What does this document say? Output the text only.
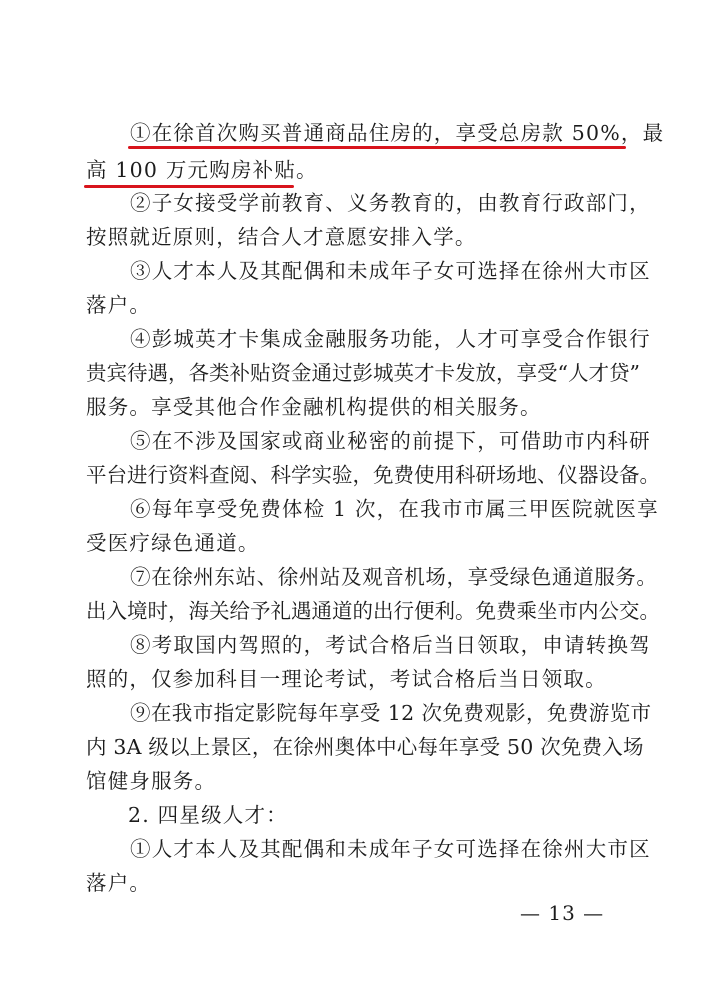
①在徐首次购买普通商品住房的，享受总房款 50%，最
高 100 万元购房补贴。
②子女接受学前教育、义务教育的，由教育行政部门，
按照就近原则，结合人才意愿安排入学。
③人才本人及其配偶和未成年子女可选择在徐州大市区
落户。
④彭城英才卡集成金融服务功能，人才可享受合作银行
贵宾待遇，各类补贴资金通过彭城英才卡发放，享受“人才贷”
服务。享受其他合作金融机构提供的相关服务。
⑤在不涉及国家或商业秘密的前提下，可借助市内科研
平台进行资料查阅、科学实验，免费使用科研场地、仪器设备。
⑥每年享受免费体检 1 次，在我市市属三甲医院就医享
受医疗绿色通道。
⑦在徐州东站、徐州站及观音机场，享受绿色通道服务。
出入境时，海关给予礼遇通道的出行便利。免费乘坐市内公交。
⑧考取国内驾照的，考试合格后当日领取，申请转换驾
照的，仅参加科目一理论考试，考试合格后当日领取。
⑨在我市指定影院每年享受 12 次免费观影，免费游览市
内 3A 级以上景区，在徐州奥体中心每年享受 50 次免费入场
馆健身服务。
2. 四星级人才：
①人才本人及其配偶和未成年子女可选择在徐州大市区
落户。
— 13 —
